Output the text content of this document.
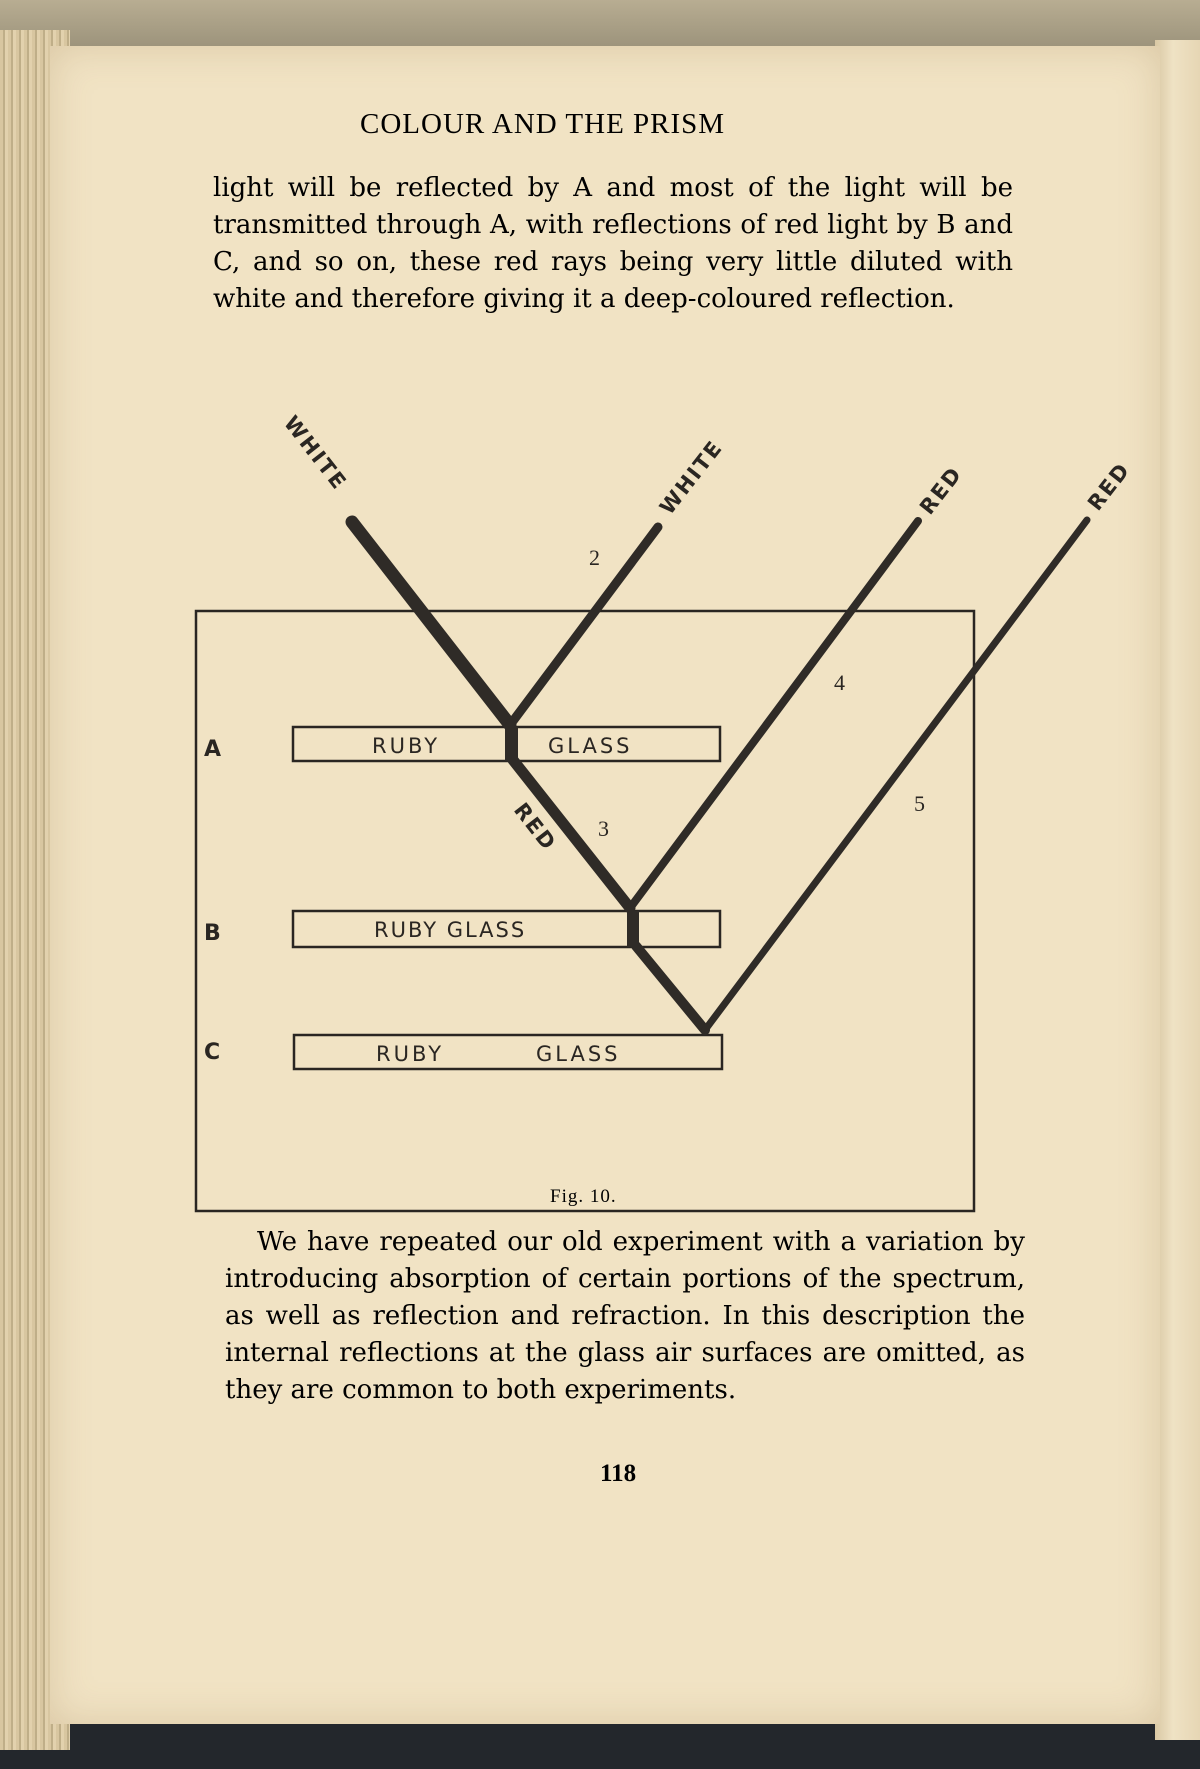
COLOUR AND THE PRISM

light will be reflected by A and most of the light will be transmitted through A, with reflections of red light by B and C, and so on, these red rays being very little diluted with white and therefore giving it a deep-coloured reflection.

RUBY	GLASS
RUBY GLASS
RUBY	GLASS
A
B
C
WHITE	WHITE
RED
RED	RED
2
3
4
5
Fig. 10.

We have repeated our old experiment with a variation by introducing absorption of certain portions of the spectrum, as well as reflection and refraction. In this description the internal reflections at the glass air surfaces are omitted, as they are common to both experiments.

118
